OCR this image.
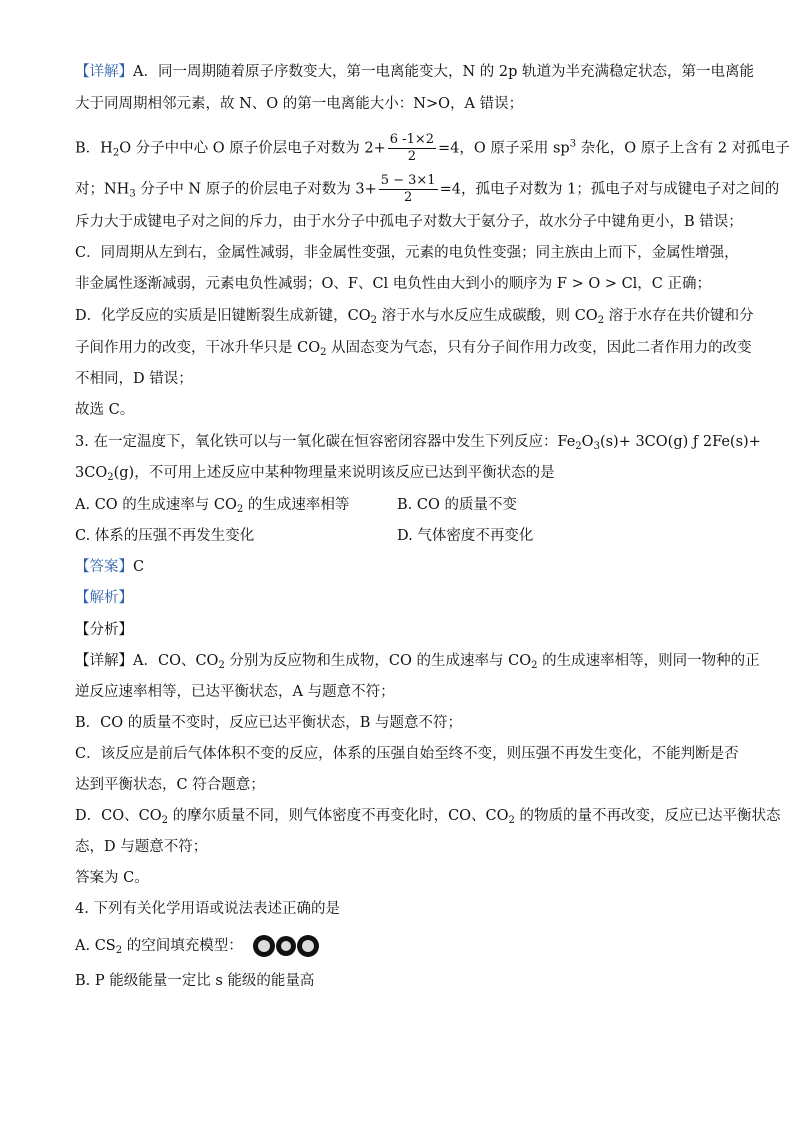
【详解】A．同一周期随着原子序数变大，第一电离能变大，N 的 2p 轨道为半充满稳定状态，第一电离能
大于同周期相邻元素，故 N、O 的第一电离能大小：N>O，A 错误；
B．$H_2O$ 分子中中心 O 原子价层电子对数为 $2+ \frac{6 -1\times 2}{2} =4$，O 原子采用 $sp^3$ 杂化，O 原子上含有 2 对孤电子
对；$NH_3$ 分子中 N 原子的价层电子对数为 $3+ \frac{5 - 3\times 1}{2} =4$，孤电子对数为 1；孤电子对与成键电子对之间的
斥力大于成键电子对之间的斥力，由于水分子中孤电子对数大于氨分子，故水分子中键角更小，B 错误；
C．同周期从左到右，金属性减弱，非金属性变强，元素的电负性变强；同主族由上而下，金属性增强，
非金属性逐渐减弱，元素电负性减弱；O、F、Cl 电负性由大到小的顺序为 F > O > Cl，C 正确；
D．化学反应的实质是旧键断裂生成新键，$CO_2$ 溶于水与水反应生成碳酸，则 $CO_2$ 溶于水存在共价键和分
子间作用力的改变，干冰升华只是 $CO_2$ 从固态变为气态，只有分子间作用力改变，因此二者作用力的改变
不相同，D 错误；
故选 C。
3. 在一定温度下，氧化铁可以与一氧化碳在恒容密闭容器中发生下列反应：$Fe_2O_3(s)+ 3CO(g)$ ƒ 2Fe(s)+
$3CO_2(g)$，不可用上述反应中某种物理量来说明该反应已达到平衡状态的是
A. CO 的生成速率与 $CO_2$ 的生成速率相等	B. CO 的质量不变
C. 体系的压强不再发生变化	D. 气体密度不再变化
【答案】C
【解析】
【分析】
【详解】A．CO、$CO_2$ 分别为反应物和生成物，CO 的生成速率与 $CO_2$ 的生成速率相等，则同一物种的正
逆反应速率相等，已达平衡状态，A 与题意不符；
B．CO 的质量不变时，反应已达平衡状态，B 与题意不符；
C．该反应是前后气体体积不变的反应，体系的压强自始至终不变，则压强不再发生变化，不能判断是否
达到平衡状态，C 符合题意；
D．CO、$CO_2$ 的摩尔质量不同，则气体密度不再变化时，CO、$CO_2$ 的物质的量不再改变，反应已达平衡状态
态，D 与题意不符；
答案为 C。
4. 下列有关化学用语或说法表述正确的是
A. $CS_2$ 的空间填充模型：
B. P 能级能量一定比 s 能级的能量高
